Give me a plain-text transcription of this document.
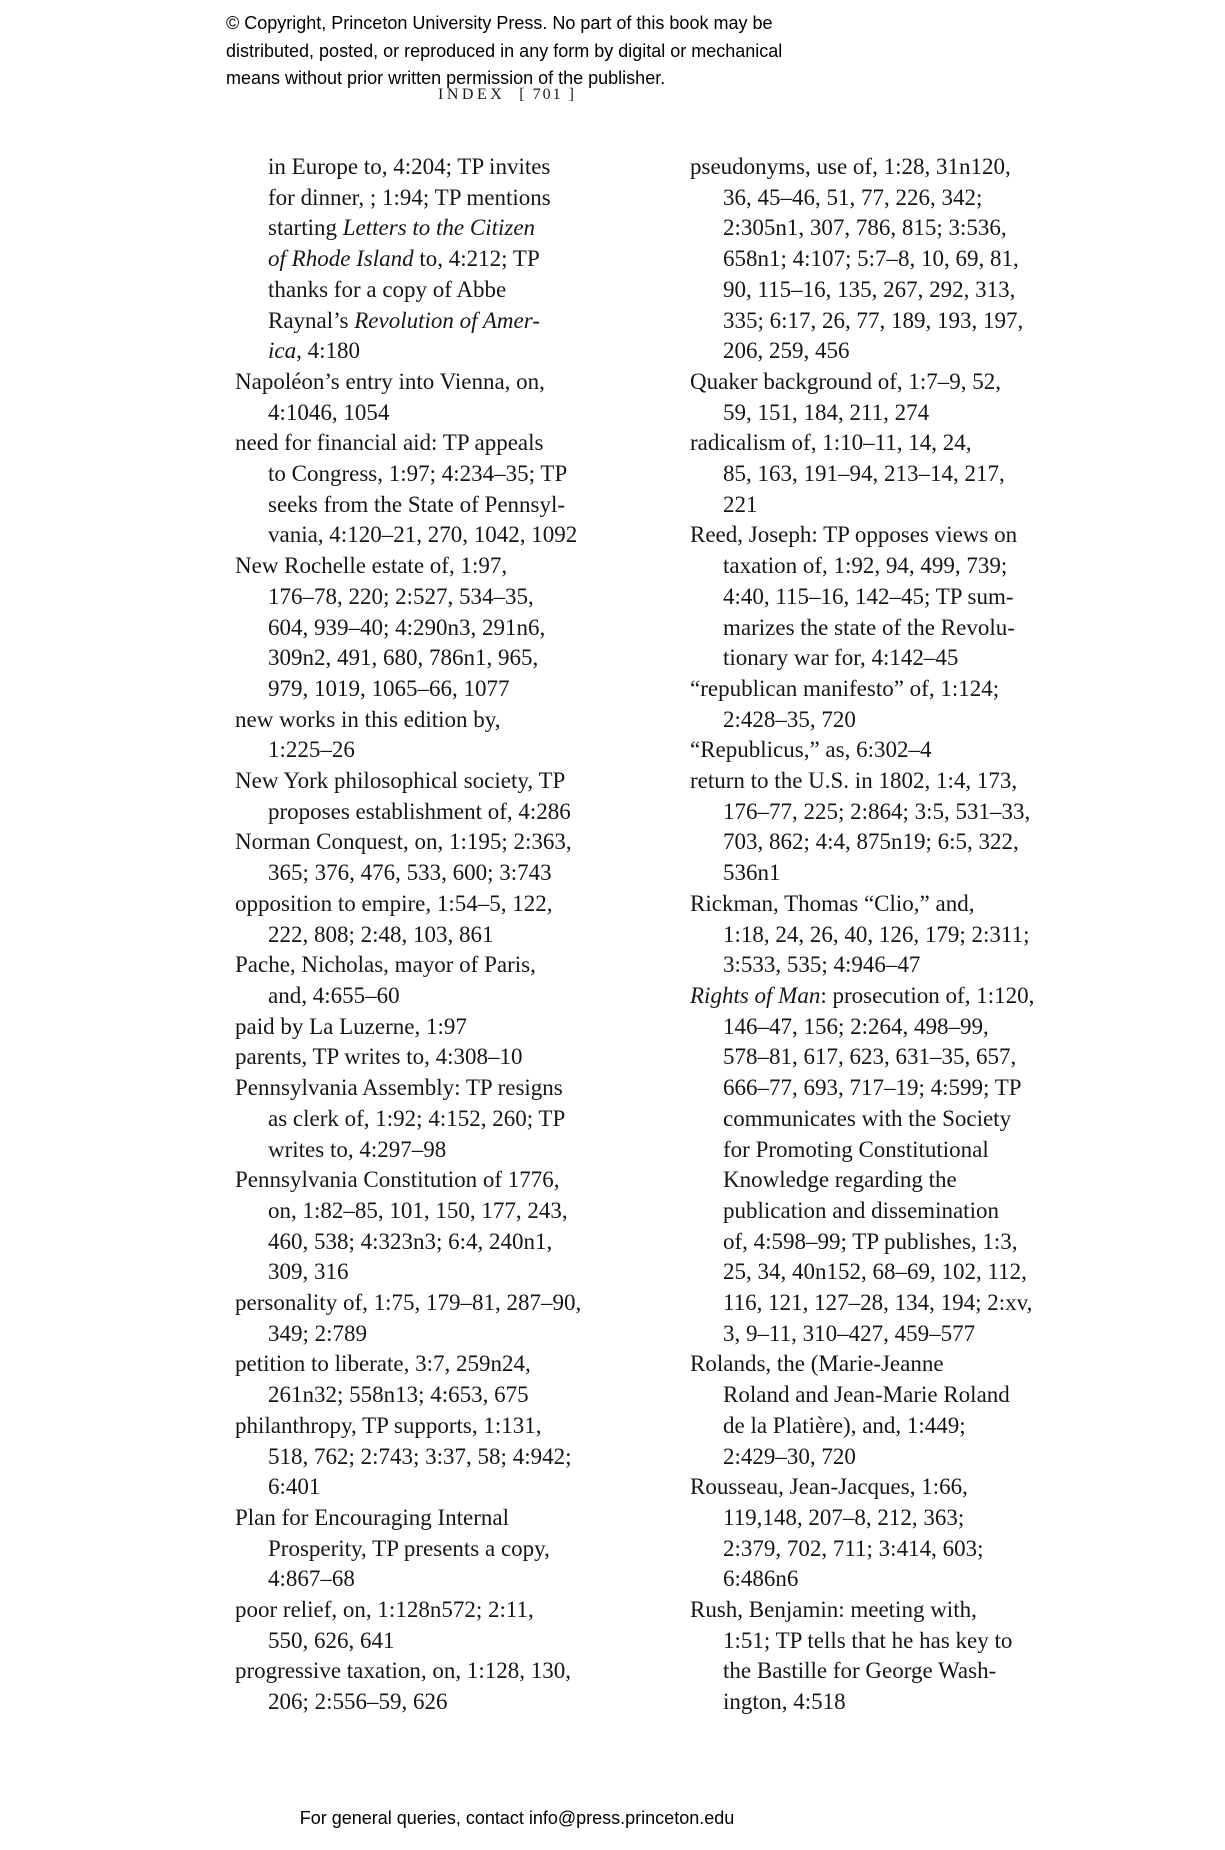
© Copyright, Princeton University Press. No part of this book may be
distributed, posted, or reproduced in any form by digital or mechanical
means without prior written permission of the publisher.
INDEX [ 701 ]
in Europe to, 4:204; TP invites
for dinner, ; 1:94; TP mentions
starting Letters to the Citizen
of Rhode Island to, 4:212; TP
thanks for a copy of Abbe
Raynal’s Revolution of Amer-
ica, 4:180
Napoléon’s entry into Vienna, on,
4:1046, 1054
need for financial aid: TP appeals
to Congress, 1:97; 4:234–35; TP
seeks from the State of Pennsyl-
vania, 4:120–21, 270, 1042, 1092
New Rochelle estate of, 1:97,
176–78, 220; 2:527, 534–35,
604, 939–40; 4:290n3, 291n6,
309n2, 491, 680, 786n1, 965,
979, 1019, 1065–66, 1077
new works in this edition by,
1:225–26
New York philosophical society, TP
proposes establishment of, 4:286
Norman Conquest, on, 1:195; 2:363,
365; 376, 476, 533, 600; 3:743
opposition to empire, 1:54–5, 122,
222, 808; 2:48, 103, 861
Pache, Nicholas, mayor of Paris,
and, 4:655–60
paid by La Luzerne, 1:97
parents, TP writes to, 4:308–10
Pennsylvania Assembly: TP resigns
as clerk of, 1:92; 4:152, 260; TP
writes to, 4:297–98
Pennsylvania Constitution of 1776,
on, 1:82–85, 101, 150, 177, 243,
460, 538; 4:323n3; 6:4, 240n1,
309, 316
personality of, 1:75, 179–81, 287–90,
349; 2:789
petition to liberate, 3:7, 259n24,
261n32; 558n13; 4:653, 675
philanthropy, TP supports, 1:131,
518, 762; 2:743; 3:37, 58; 4:942;
6:401
Plan for Encouraging Internal
Prosperity, TP presents a copy,
4:867–68
poor relief, on, 1:128n572; 2:11,
550, 626, 641
progressive taxation, on, 1:128, 130,
206; 2:556–59, 626
pseudonyms, use of, 1:28, 31n120,
36, 45–46, 51, 77, 226, 342;
2:305n1, 307, 786, 815; 3:536,
658n1; 4:107; 5:7–8, 10, 69, 81,
90, 115–16, 135, 267, 292, 313,
335; 6:17, 26, 77, 189, 193, 197,
206, 259, 456
Quaker background of, 1:7–9, 52,
59, 151, 184, 211, 274
radicalism of, 1:10–11, 14, 24,
85, 163, 191–94, 213–14, 217,
221
Reed, Joseph: TP opposes views on
taxation of, 1:92, 94, 499, 739;
4:40, 115–16, 142–45; TP sum-
marizes the state of the Revolu-
tionary war for, 4:142–45
“republican manifesto” of, 1:124;
2:428–35, 720
“Republicus,” as, 6:302–4
return to the U.S. in 1802, 1:4, 173,
176–77, 225; 2:864; 3:5, 531–33,
703, 862; 4:4, 875n19; 6:5, 322,
536n1
Rickman, Thomas “Clio,” and,
1:18, 24, 26, 40, 126, 179; 2:311;
3:533, 535; 4:946–47
Rights of Man: prosecution of, 1:120,
146–47, 156; 2:264, 498–99,
578–81, 617, 623, 631–35, 657,
666–77, 693, 717–19; 4:599; TP
communicates with the Society
for Promoting Constitutional
Knowledge regarding the
publication and dissemination
of, 4:598–99; TP publishes, 1:3,
25, 34, 40n152, 68–69, 102, 112,
116, 121, 127–28, 134, 194; 2:xv,
3, 9–11, 310–427, 459–577
Rolands, the (Marie-Jeanne
Roland and Jean-Marie Roland
de la Platière), and, 1:449;
2:429–30, 720
Rousseau, Jean-Jacques, 1:66,
119,148, 207–8, 212, 363;
2:379, 702, 711; 3:414, 603;
6:486n6
Rush, Benjamin: meeting with,
1:51; TP tells that he has key to
the Bastille for George Wash-
ington, 4:518
For general queries, contact info@press.princeton.edu
